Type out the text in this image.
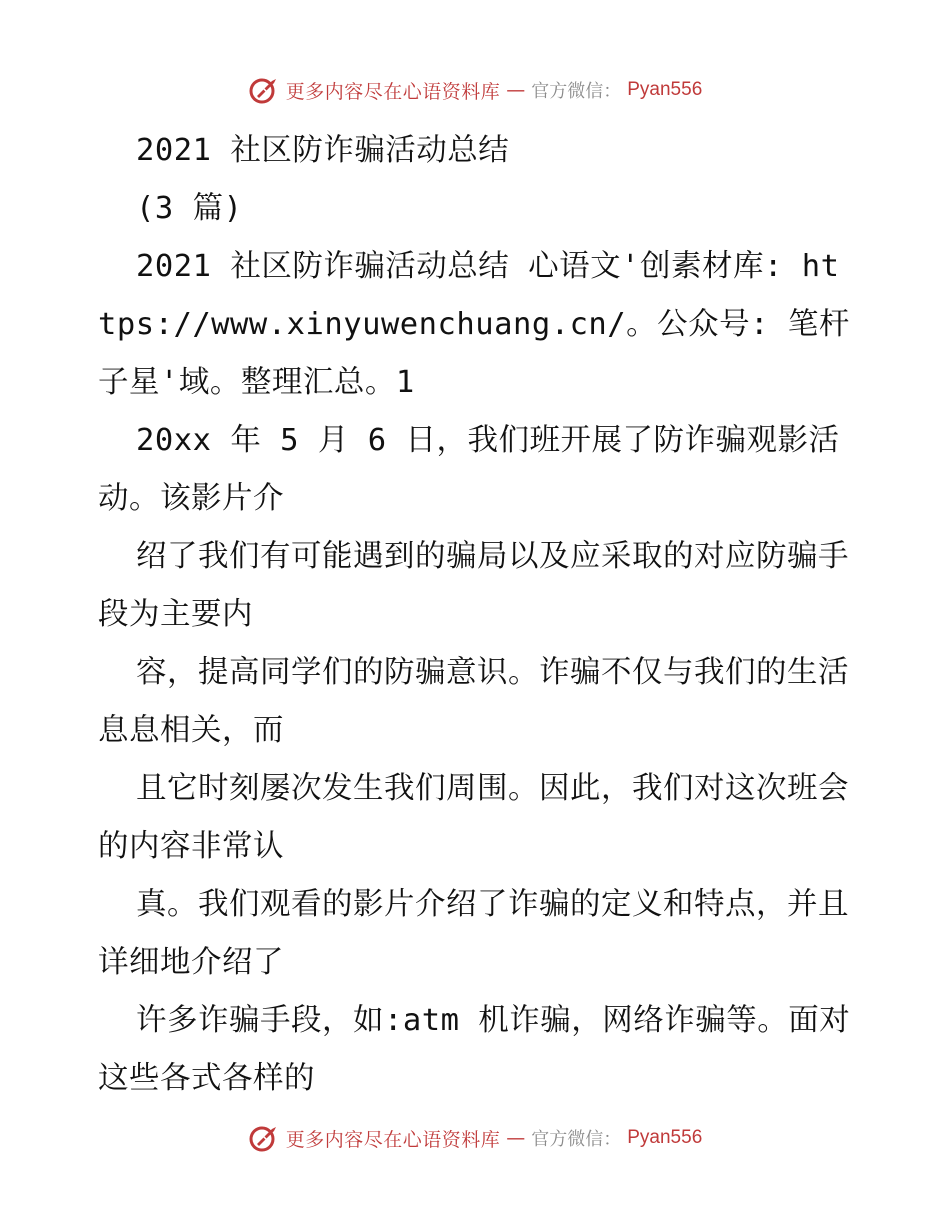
更多内容尽在心语资料库 — 官方微信： Pyan556

2021 社区防诈骗活动总结

(3 篇)

2021 社区防诈骗活动总结 心语文'创素材库: https://www.xinyuwenchuang.cn/。公众号: 笔杆子星'域。整理汇总。1

20xx 年 5 月 6 日，我们班开展了防诈骗观影活动。该影片介

绍了我们有可能遇到的骗局以及应采取的对应防骗手段为主要内

容，提高同学们的防骗意识。诈骗不仅与我们的生活息息相关，而

且它时刻屡次发生我们周围。因此，我们对这次班会的内容非常认

真。我们观看的影片介绍了诈骗的定义和特点，并且详细地介绍了

许多诈骗手段，如:atm 机诈骗，网络诈骗等。面对这些各式各样的

更多内容尽在心语资料库 — 官方微信： Pyan556
